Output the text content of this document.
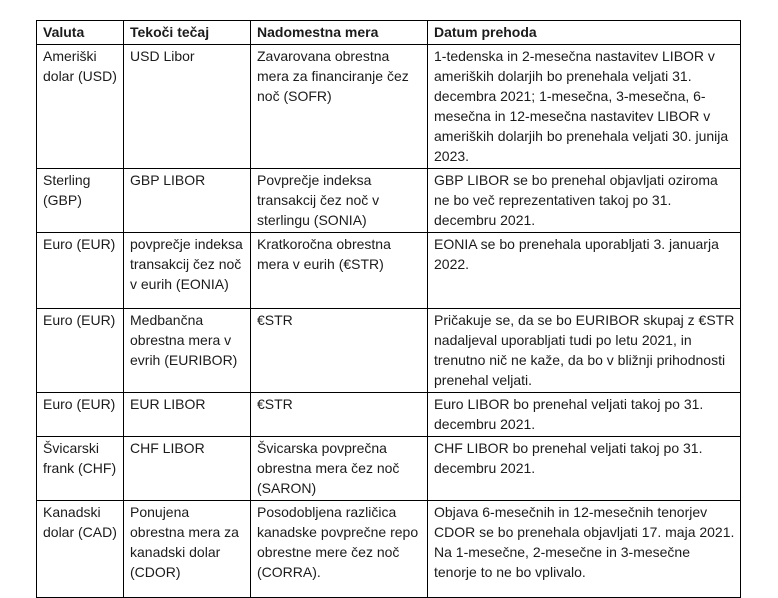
Valuta	Tekoči tečaj	Nadomestna mera	Datum prehoda
Ameriški dolar (USD)	USD Libor	Zavarovana obrestna mera za financiranje čez noč (SOFR)	1-tedenska in 2-mesečna nastavitev LIBOR v ameriških dolarjih bo prenehala veljati 31. decembra 2021; 1-mesečna, 3-mesečna, 6-mesečna in 12-mesečna nastavitev LIBOR v ameriških dolarjih bo prenehala veljati 30. junija 2023.
Sterling (GBP)	GBP LIBOR	Povprečje indeksa transakcij čez noč v sterlingu (SONIA)	GBP LIBOR se bo prenehal objavljati oziroma ne bo več reprezentativen takoj po 31. decembru 2021.
Euro (EUR)	povprečje indeksa transakcij čez noč v eurih (EONIA)	Kratkoročna obrestna mera v eurih (€STR)	EONIA se bo prenehala uporabljati 3. januarja 2022.
Euro (EUR)	Medbančna obrestna mera v evrih (EURIBOR)	€STR	Pričakuje se, da se bo EURIBOR skupaj z €STR nadaljeval uporabljati tudi po letu 2021, in trenutno nič ne kaže, da bo v bližnji prihodnosti prenehal veljati.
Euro (EUR)	EUR LIBOR	€STR	Euro LIBOR bo prenehal veljati takoj po 31. decembru 2021.
Švicarski frank (CHF)	CHF LIBOR	Švicarska povprečna obrestna mera čez noč (SARON)	CHF LIBOR bo prenehal veljati takoj po 31. decembru 2021.
Kanadski dolar (CAD)	Ponujena obrestna mera za kanadski dolar (CDOR)	Posodobljena različica kanadske povprečne repo obrestne mere čez noč (CORRA).	Objava 6-mesečnih in 12-mesečnih tenorjev CDOR se bo prenehala objavljati 17. maja 2021. Na 1-mesečne, 2-mesečne in 3-mesečne tenorje to ne bo vplivalo.
